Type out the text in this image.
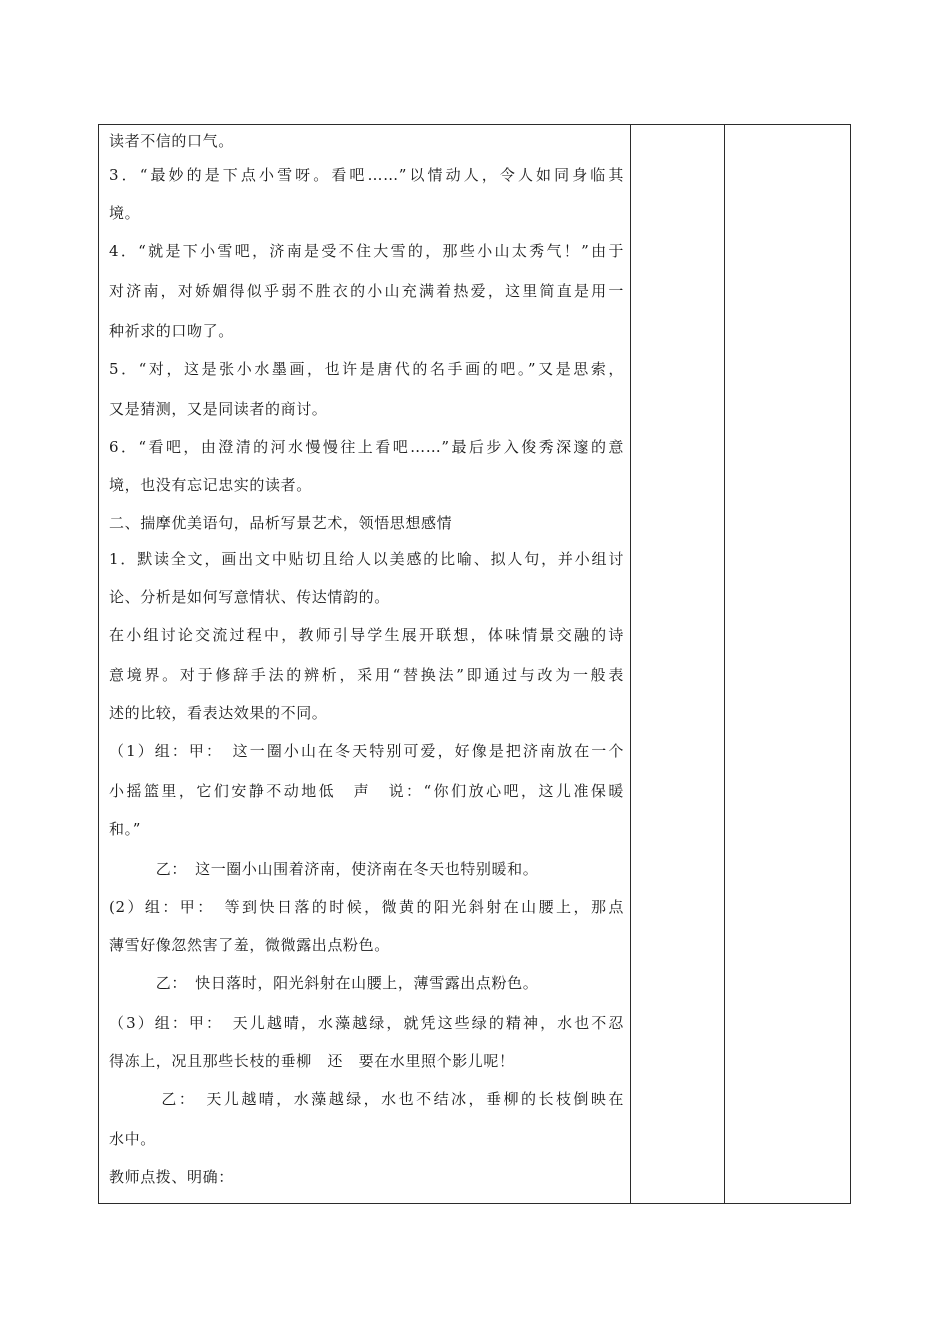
读者不信的口气。
3．“最妙的是下点小雪呀。看吧……”以情动人，令人如同身临其
境。
4．“就是下小雪吧，济南是受不住大雪的，那些小山太秀气！”由于
对济南，对娇媚得似乎弱不胜衣的小山充满着热爱，这里简直是用一
种祈求的口吻了。
5．“对，这是张小水墨画，也许是唐代的名手画的吧。”又是思索，
又是猜测，又是同读者的商讨。
6．“看吧，由澄清的河水慢慢往上看吧……”最后步入俊秀深邃的意
境，也没有忘记忠实的读者。
二、揣摩优美语句，品析写景艺术，领悟思想感情
1．默读全文，画出文中贴切且给人以美感的比喻、拟人句，并小组讨
论、分析是如何写意情状、传达情韵的。
在小组讨论交流过程中，教师引导学生展开联想，体味情景交融的诗
意境界。对于修辞手法的辨析，采用“替换法”即通过与改为一般表
述的比较，看表达效果的不同。
（1）组：甲：　这一圈小山在冬天特别可爱，好像是把济南放在一个
小摇篮里，它们安静不动地低　声　说：“你们放心吧，这儿准保暖
和。”
　　　乙：　这一圈小山围着济南，使济南在冬天也特别暖和。
(2）组：甲：　等到快日落的时候，微黄的阳光斜射在山腰上，那点
薄雪好像忽然害了羞，微微露出点粉色。
　　　乙：　快日落时，阳光斜射在山腰上，薄雪露出点粉色。
（3）组：甲：　天儿越晴，水藻越绿，就凭这些绿的精神，水也不忍
得冻上，况且那些长枝的垂柳　还　要在水里照个影儿呢！
　　　乙：　天儿越晴，水藻越绿，水也不结冰，垂柳的长枝倒映在
水中。
教师点拨、明确：
